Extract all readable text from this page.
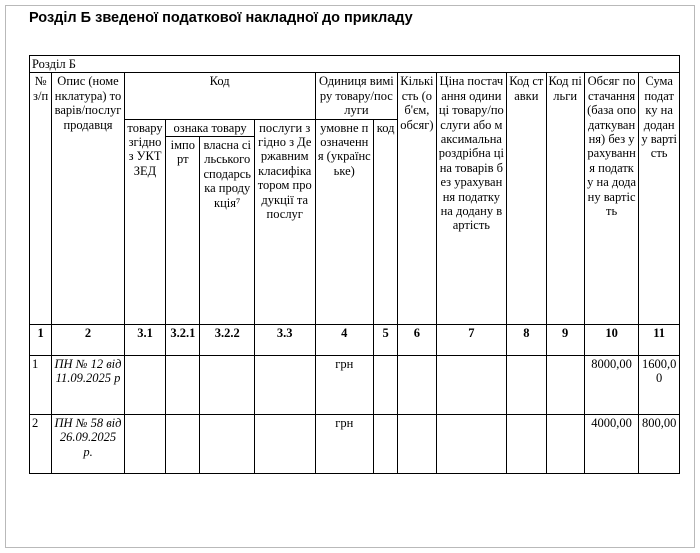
Розділ Б зведеної податкової накладної до прикладу
Розділ Б													
№ з/п	Опис (номенклатура) товарів/послуг продавця	Код				Одиниця виміру товару/послуги		Кількість (об'єм, обсяг)	Ціна постачання одиниці товару/послуги або максимальна роздрібна ціна товарів без урахування податку на додану вартість	Код ставки	Код пільги	Обсяг постачання (база оподаткування) без урахування податку на додану вартість	Сума податку на додану вартість
		товару згідно з УКТ ЗЕД	ознака товару		послуги згідно з Державним класифікатором продукції та послуг	умовне позначення (українське)	код						
			імпорт	власна сільськогосподарська продукція⁷									
1	2	3.1	3.2.1	3.2.2	3.3	4	5	6	7	8	9	10	11
1	ПН № 12 від 11.09.2025 р					грн						8000,00	1600,00
2	ПН № 58 від 26.09.2025 р.					грн						4000,00	800,00
